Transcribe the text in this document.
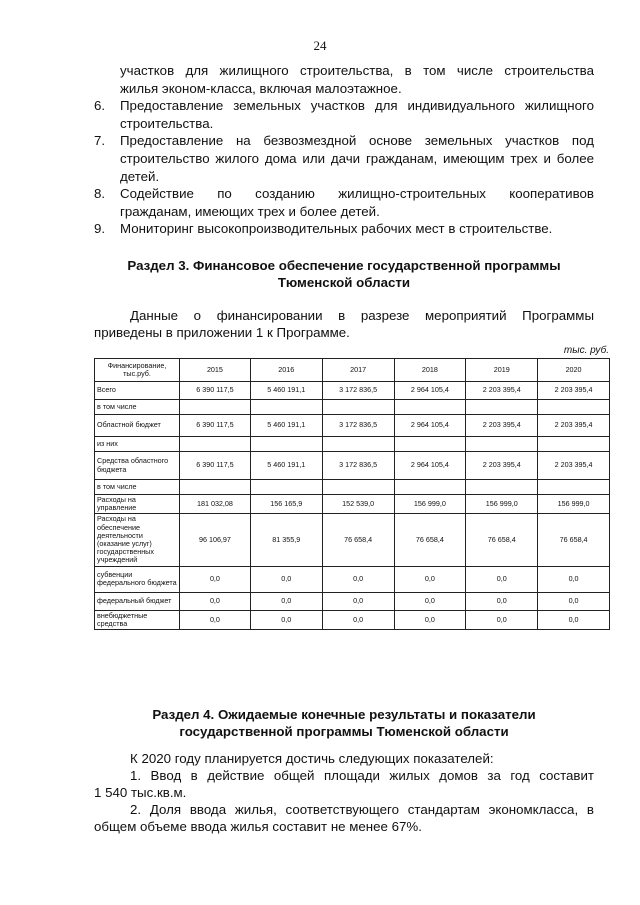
24
участков для жилищного строительства, в том числе строительства
жилья эконом-класса, включая малоэтажное.
6.	Предоставление земельных участков для индивидуального жилищного
строительства.
7.	Предоставление на безвозмездной основе земельных участков под
строительство жилого дома или дачи гражданам, имеющим трех и более
детей.
8.	Содействие по созданию жилищно-строительных кооперативов
гражданам, имеющих трех и более детей.
9.	Мониторинг высокопроизводительных рабочих мест в строительстве.
Раздел 3. Финансовое обеспечение государственной программы
Тюменской области
Данные о финансировании в разрезе мероприятий Программы
приведены в приложении 1 к Программе.
тыс. руб.
Финансирование, тыс.руб.	2015	2016	2017	2018	2019	2020
Всего	6 390 117,5	5 460 191,1	3 172 836,5	2 964 105,4	2 203 395,4	2 203 395,4
в том числе						
Областной бюджет	6 390 117,5	5 460 191,1	3 172 836,5	2 964 105,4	2 203 395,4	2 203 395,4
из них						
Средства областного бюджета	6 390 117,5	5 460 191,1	3 172 836,5	2 964 105,4	2 203 395,4	2 203 395,4
в том числе						
Расходы на управление	181 032,08	156 165,9	152 539,0	156 999,0	156 999,0	156 999,0
Расходы на обеспечение деятельности (оказание услуг) государственных учреждений	96 106,97	81 355,9	76 658,4	76 658,4	76 658,4	76 658,4
субвенции федерального бюджета	0,0	0,0	0,0	0,0	0,0	0,0
федеральный бюджет	0,0	0,0	0,0	0,0	0,0	0,0
внебюджетные средства	0,0	0,0	0,0	0,0	0,0	0,0
Раздел 4. Ожидаемые конечные результаты и показатели
государственной программы Тюменской области
К 2020 году планируется достичь следующих показателей:
1. Ввод в действие общей площади жилых домов за год составит
1 540 тыс.кв.м.
2. Доля ввода жилья, соответствующего стандартам экономкласса, в
общем объеме ввода жилья составит не менее 67%.
